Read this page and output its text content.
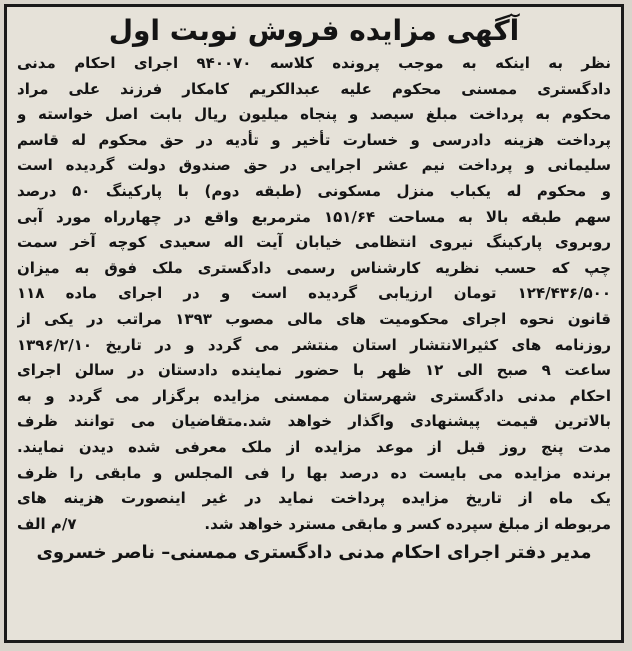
آگهی مزایده فروش نوبت اول
نظر به اینکه به موجب پرونده کلاسه ۹۴۰۰۷۰ اجرای احکام مدنی
دادگستری ممسنی محکوم علیه عبدالکریم کامکار فرزند علی مراد
محکوم به پرداخت مبلغ سیصد و پنجاه میلیون ریال بابت اصل خواسته و
پرداخت هزینه دادرسی و خسارت تأخیر و تأدیه در حق محکوم له قاسم
سلیمانی و پرداخت نیم عشر اجرایی در حق صندوق دولت گردیده است
و محکوم له یکباب منزل مسکونی (طبقه دوم) با پارکینگ ۵۰ درصد
سهم طبقه بالا به مساحت ۱۵۱/۶۴ مترمربع واقع در چهارراه مورد آبی
روبروی پارکینگ نیروی انتظامی خیابان آیت اله سعیدی کوچه آخر سمت
چپ که حسب نظریه کارشناس رسمی دادگستری ملک فوق به میزان
۱۲۴/۴۳۶/۵۰۰ تومان ارزیابی گردیده است و در اجرای ماده ۱۱۸
قانون نحوه اجرای محکومیت های مالی مصوب ۱۳۹۳ مراتب در یکی از
روزنامه های کثیرالانتشار استان منتشر می گردد و در تاریخ ۱۳۹۶/۲/۱۰
ساعت ۹ صبح الی ۱۲ ظهر با حضور نماینده دادستان در سالن اجرای
احکام مدنی دادگستری شهرستان ممسنی مزایده برگزار می گردد و به
بالاترین قیمت پیشنهادی واگذار خواهد شد.متقاضیان می توانند ظرف
مدت پنج روز قبل از موعد مزایده از ملک معرفی شده دیدن نمایند.
برنده مزایده می بایست ده درصد بها را فی المجلس و مابقی را ظرف
یک ماه از تاریخ مزایده پرداخت نماید در غیر اینصورت هزینه های
مربوطه از مبلغ سپرده کسر و مابقی مسترد خواهد شد.
۷/م الف
مدیر دفتر اجرای احکام مدنی دادگستری ممسنی– ناصر خسروی
